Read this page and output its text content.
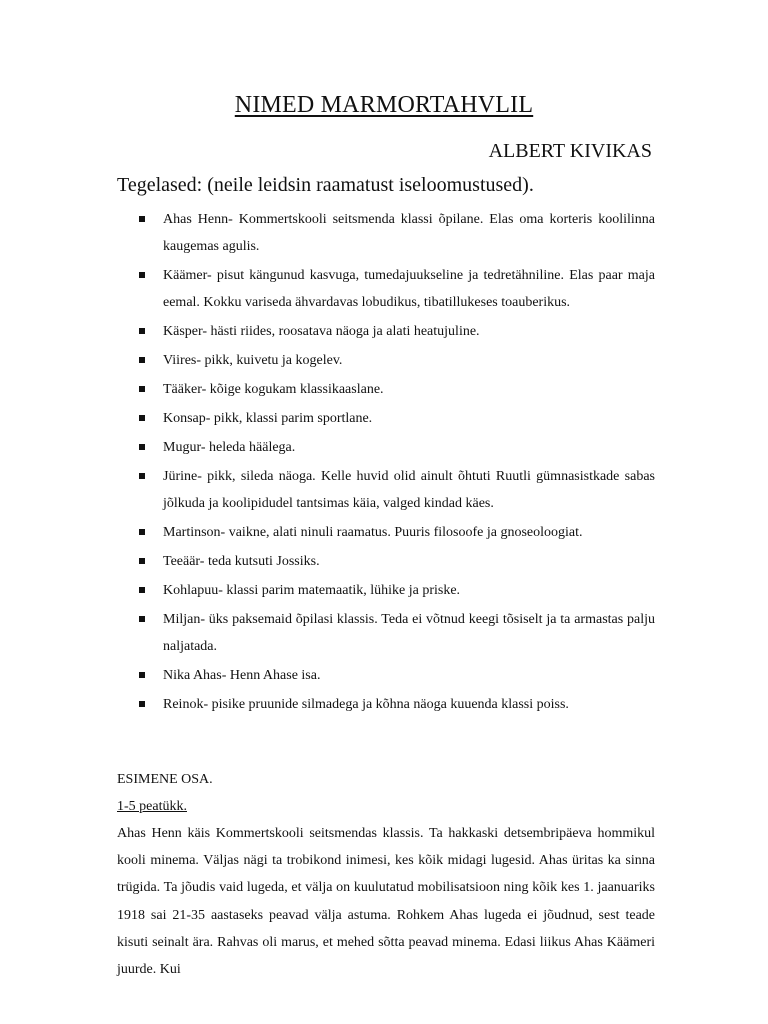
NIMED MARMORTAHVLIL
ALBERT KIVIKAS
Tegelased: (neile leidsin raamatust iseloomustused).
Ahas Henn- Kommertskooli seitsmenda klassi õpilane. Elas oma korteris koolilinna kaugemas agulis.
Käämer- pisut kängunud kasvuga, tumedajuukseline ja tedretähniline. Elas paar maja eemal. Kokku variseda ähvardavas lobudikus, tibatillukeses toauberikus.
Käsper- hästi riides, roosatava näoga ja alati heatujuline.
Viires- pikk, kuivetu ja kogelev.
Tääker- kõige kogukam klassikaaslane.
Konsap- pikk, klassi parim sportlane.
Mugur- heleda häälega.
Jürine- pikk, sileda näoga. Kelle huvid olid ainult õhtuti Ruutli gümnasistkade sabas jõlkuda ja koolipidudel tantsimas käia, valged kindad käes.
Martinson- vaikne, alati ninuli raamatus. Puuris filosoofe ja gnoseoloogiat.
Teeäär- teda kutsuti Jossiks.
Kohlapuu- klassi parim matemaatik, lühike ja priske.
Miljan- üks paksemaid õpilasi klassis. Teda ei võtnud keegi tõsiselt ja ta armastas palju naljatada.
Nika Ahas- Henn Ahase isa.
Reinok- pisike pruunide silmadega ja kõhna näoga kuuenda klassi poiss.
ESIMENE OSA.
1-5 peatükk.

Ahas Henn käis Kommertskooli seitsmendas klassis. Ta hakkaski detsembripäeva hommikul kooli minema. Väljas nägi ta trobikond inimesi, kes kõik midagi lugesid. Ahas üritas ka sinna trügida. Ta jõudis vaid lugeda, et välja on kuulutatud mobilisatsioon ning kõik kes 1. jaanuariks 1918 sai 21-35 aastaseks peavad välja astuma. Rohkem Ahas lugeda ei jõudnud, sest teade kisuti seinalt ära. Rahvas oli marus, et mehed sõtta peavad minema. Edasi liikus Ahas Käämeri juurde. Kui
